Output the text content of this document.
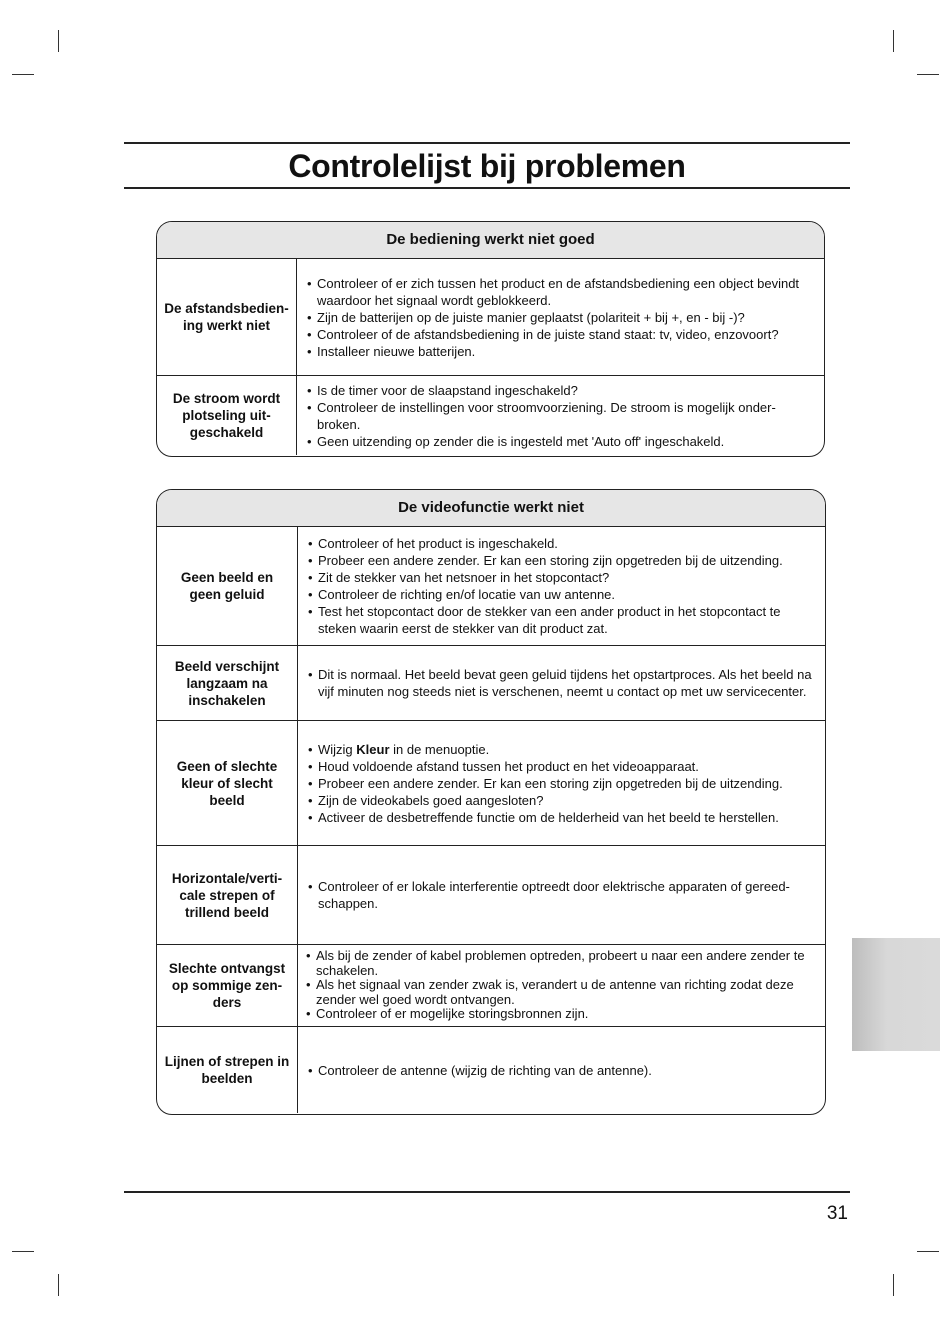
Controlelijst bij problemen
De bediening werkt niet goed
De afstandsbedien-
ing werkt niet
• Controleer of er zich tussen het product en de afstandsbediening een object bevindt waardoor het signaal wordt geblokkeerd.
• Zijn de batterijen op de juiste manier geplaatst (polariteit + bij +, en - bij -)?
• Controleer of de afstandsbediening in de juiste stand staat: tv, video, enzovoort?
• Installeer nieuwe batterijen.
De stroom wordt
plotseling uit-
geschakeld
• Is de timer voor de slaapstand ingeschakeld?
• Controleer de instellingen voor stroomvoorziening. De stroom is mogelijk onder-broken.
• Geen uitzending op zender die is ingesteld met 'Auto off' ingeschakeld.
De videofunctie werkt niet
Geen beeld en
geen geluid
• Controleer of het product is ingeschakeld.
• Probeer een andere zender. Er kan een storing zijn opgetreden bij de uitzending.
• Zit de stekker van het netsnoer in het stopcontact?
• Controleer de richting en/of locatie van uw antenne.
• Test het stopcontact door de stekker van een ander product in het stopcontact te steken waarin eerst de stekker van dit product zat.
Beeld verschijnt
langzaam na
inschakelen
• Dit is normaal. Het beeld bevat geen geluid tijdens het opstartproces. Als het beeld na vijf minuten nog steeds niet is verschenen, neemt u contact op met uw servicecenter.
Geen of slechte
kleur of slecht
beeld
• Wijzig Kleur in de menuoptie.
• Houd voldoende afstand tussen het product en het videoapparaat.
• Probeer een andere zender. Er kan een storing zijn opgetreden bij de uitzending.
• Zijn de videokabels goed aangesloten?
• Activeer de desbetreffende functie om de helderheid van het beeld te herstellen.
Horizontale/verti-
cale strepen of
trillend beeld
• Controleer of er lokale interferentie optreedt door elektrische apparaten of gereed-schappen.
Slechte ontvangst
op sommige zen-
ders
• Als bij de zender of kabel problemen optreden, probeert u naar een andere zender te schakelen.
• Als het signaal van zender zwak is, verandert u de antenne van richting zodat deze zender wel goed wordt ontvangen.
• Controleer of er mogelijke storingsbronnen zijn.
Lijnen of strepen in
beelden
• Controleer de antenne (wijzig de richting van de antenne).
31
